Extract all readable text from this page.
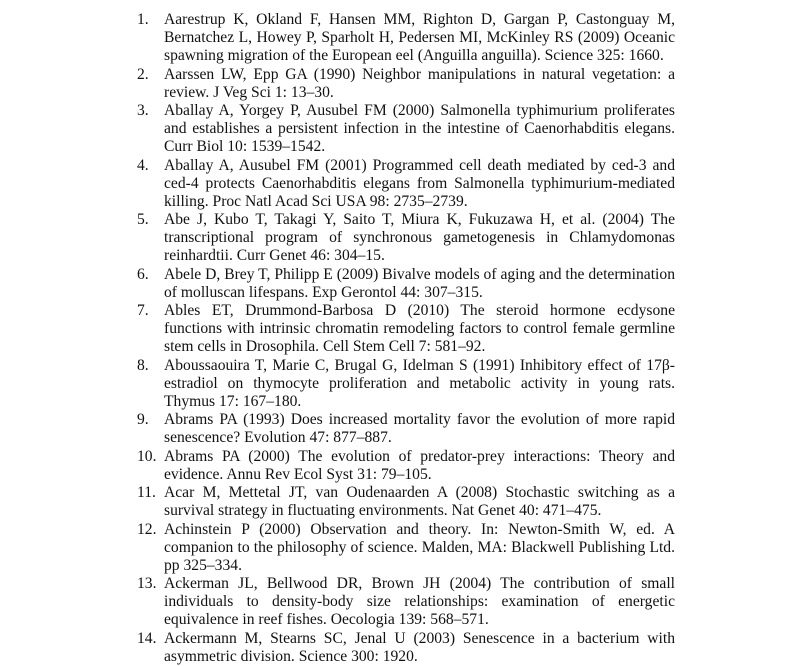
1. Aarestrup K, Okland F, Hansen MM, Righton D, Gargan P, Castonguay M, Bernatchez L, Howey P, Sparholt H, Pedersen MI, McKinley RS (2009) Oceanic spawning migration of the European eel (Anguilla anguilla). Science 325: 1660.
2. Aarssen LW, Epp GA (1990) Neighbor manipulations in natural vegetation: a review. J Veg Sci 1: 13–30.
3. Aballay A, Yorgey P, Ausubel FM (2000) Salmonella typhimurium proliferates and establishes a persistent infection in the intestine of Caenorhabditis elegans. Curr Biol 10: 1539–1542.
4. Aballay A, Ausubel FM (2001) Programmed cell death mediated by ced-3 and ced-4 protects Caenorhabditis elegans from Salmonella typhimurium-mediated killing. Proc Natl Acad Sci USA 98: 2735–2739.
5. Abe J, Kubo T, Takagi Y, Saito T, Miura K, Fukuzawa H, et al. (2004) The transcriptional program of synchronous gametogenesis in Chlamydomonas reinhardtii. Curr Genet 46: 304–15.
6. Abele D, Brey T, Philipp E (2009) Bivalve models of aging and the determination of molluscan lifespans. Exp Gerontol 44: 307–315.
7. Ables ET, Drummond-Barbosa D (2010) The steroid hormone ecdysone functions with intrinsic chromatin remodeling factors to control female germline stem cells in Drosophila. Cell Stem Cell 7: 581–92.
8. Aboussaouira T, Marie C, Brugal G, Idelman S (1991) Inhibitory effect of 17β-estradiol on thymocyte proliferation and metabolic activity in young rats. Thymus 17: 167–180.
9. Abrams PA (1993) Does increased mortality favor the evolution of more rapid senescence? Evolution 47: 877–887.
10. Abrams PA (2000) The evolution of predator-prey interactions: Theory and evidence. Annu Rev Ecol Syst 31: 79–105.
11. Acar M, Mettetal JT, van Oudenaarden A (2008) Stochastic switching as a survival strategy in fluctuating environments. Nat Genet 40: 471–475.
12. Achinstein P (2000) Observation and theory. In: Newton-Smith W, ed. A companion to the philosophy of science. Malden, MA: Blackwell Publishing Ltd. pp 325–334.
13. Ackerman JL, Bellwood DR, Brown JH (2004) The contribution of small individuals to density-body size relationships: examination of energetic equivalence in reef fishes. Oecologia 139: 568–571.
14. Ackermann M, Stearns SC, Jenal U (2003) Senescence in a bacterium with asymmetric division. Science 300: 1920.
